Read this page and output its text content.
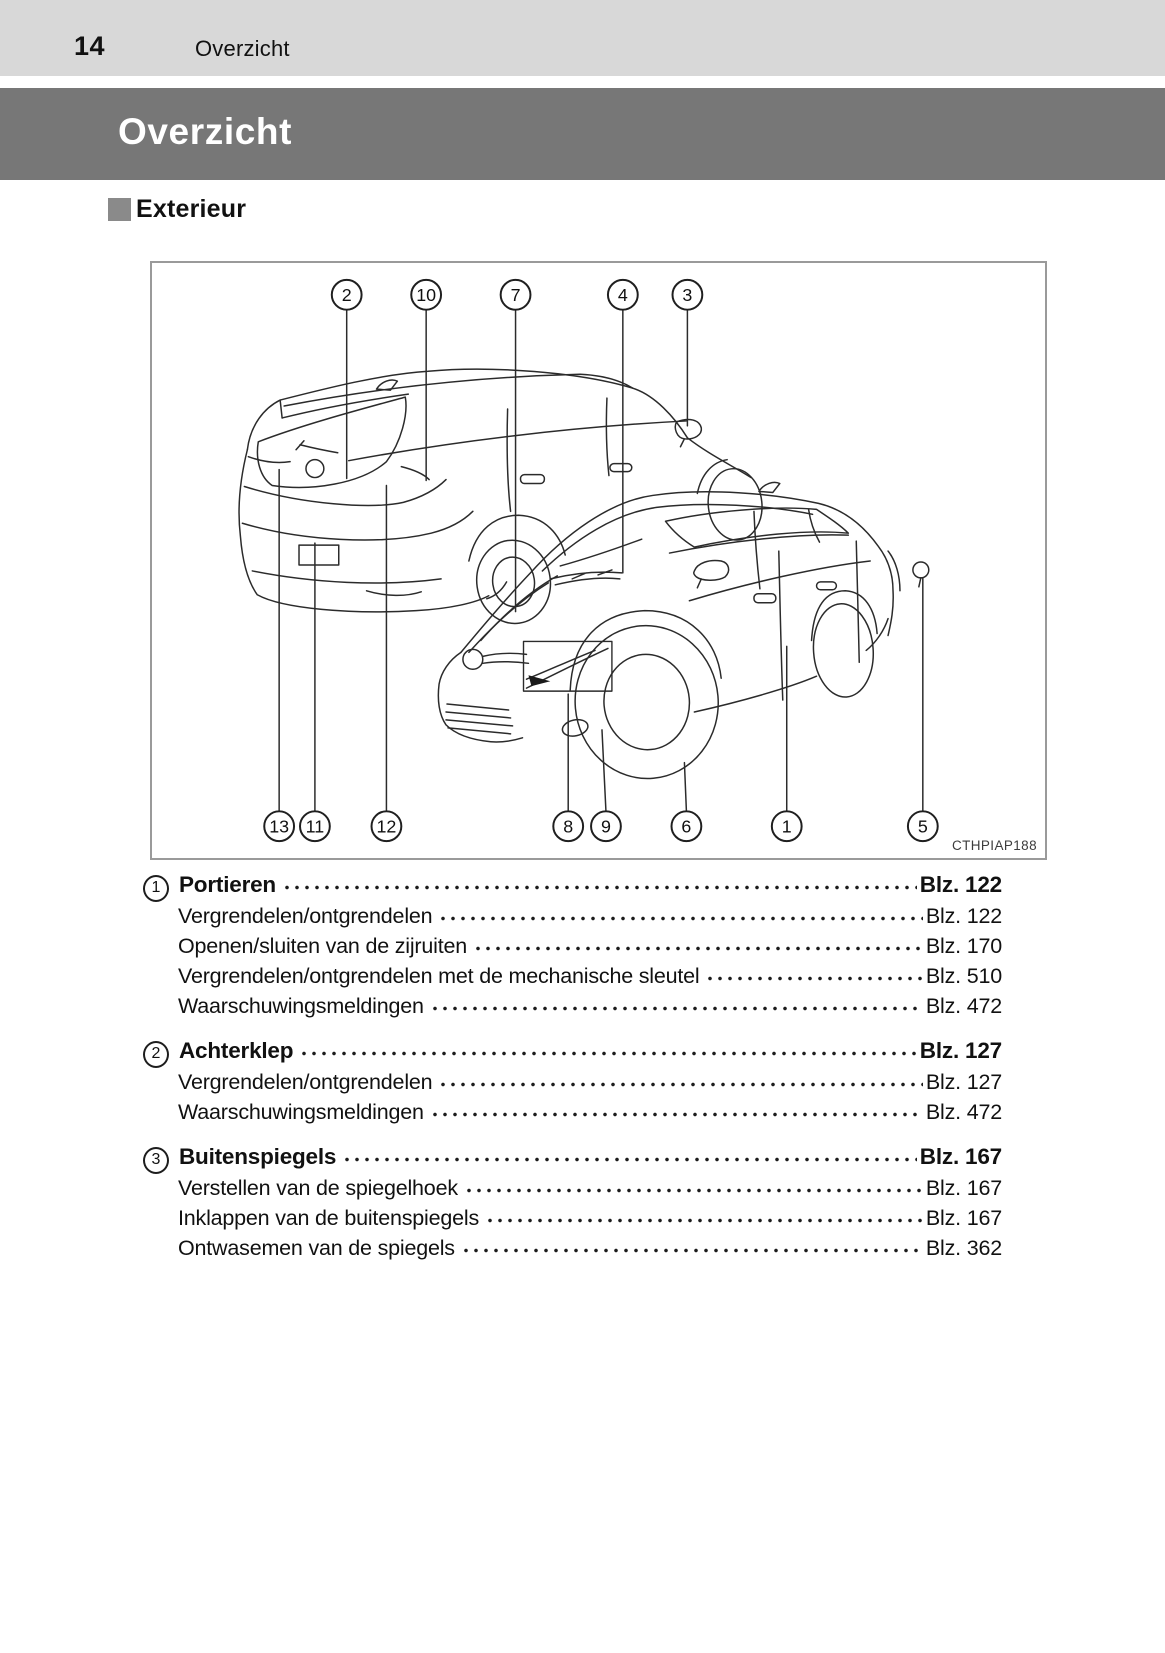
14	Overzicht
Overzicht
Exterieur
2	10	7	4	3
13 11	12	8 9	6	1	5
CTHPIAP188
1 Portieren	Blz. 122
Vergrendelen/ontgrendelen	Blz. 122
Openen/sluiten van de zijruiten	Blz. 170
Vergrendelen/ontgrendelen met de mechanische sleutel	Blz. 510
Waarschuwingsmeldingen	Blz. 472
2 Achterklep	Blz. 127
Vergrendelen/ontgrendelen	Blz. 127
Waarschuwingsmeldingen	Blz. 472
3 Buitenspiegels	Blz. 167
Verstellen van de spiegelhoek	Blz. 167
Inklappen van de buitenspiegels	Blz. 167
Ontwasemen van de spiegels	Blz. 362
